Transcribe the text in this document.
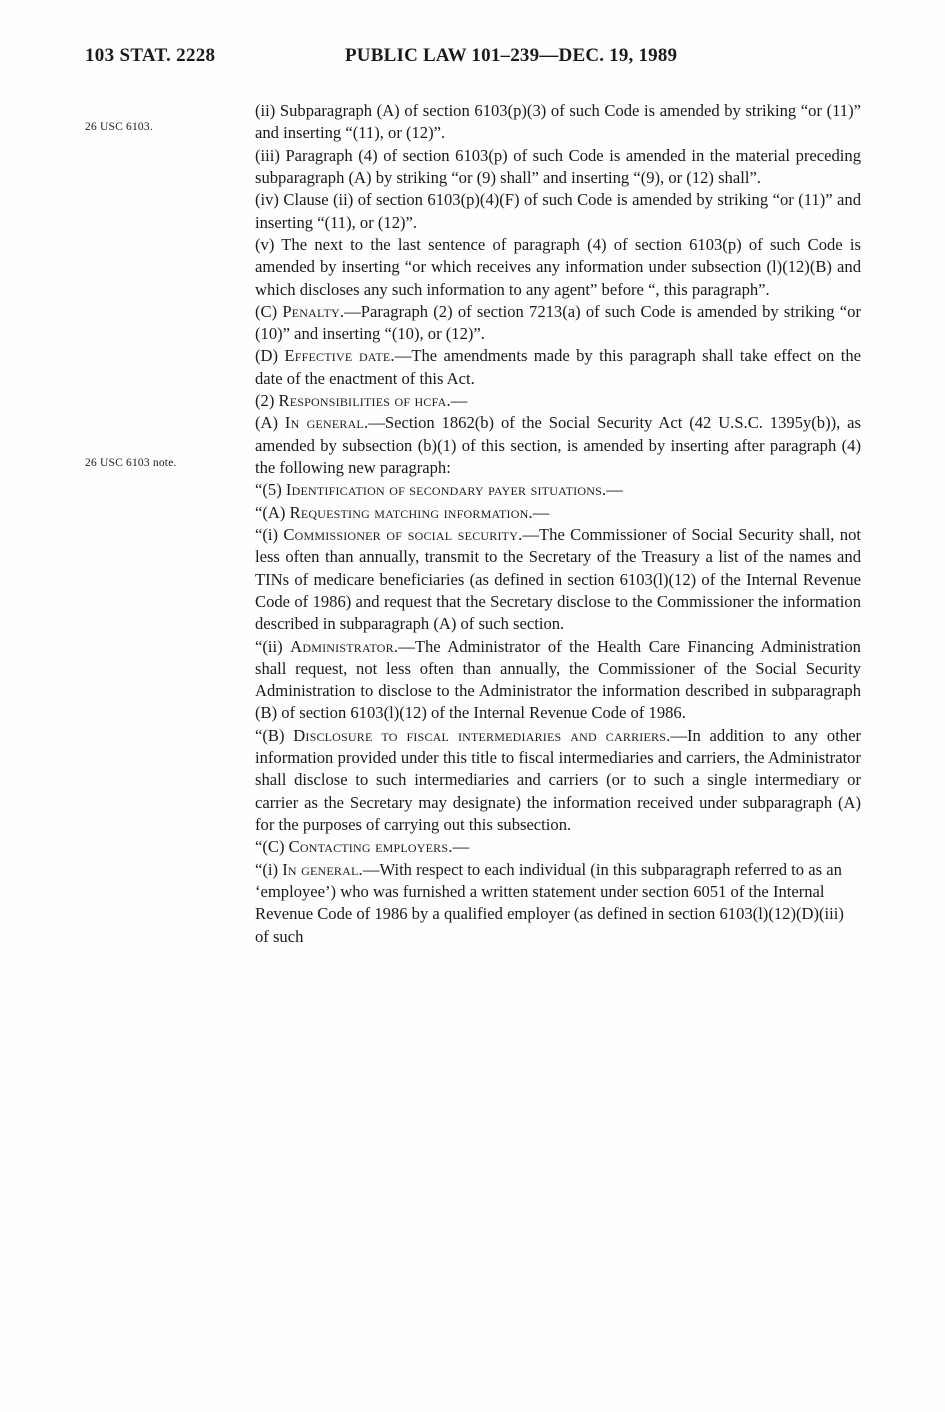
103 STAT. 2228	PUBLIC LAW 101–239—DEC. 19, 1989
26 USC 6103.
26 USC 6103 note.

(ii) Subparagraph (A) of section 6103(p)(3) of such Code is amended by striking “or (11)” and inserting “(11), or (12)”.

(iii) Paragraph (4) of section 6103(p) of such Code is amended in the material preceding subparagraph (A) by striking “or (9) shall” and inserting “(9), or (12) shall”.

(iv) Clause (ii) of section 6103(p)(4)(F) of such Code is amended by striking “or (11)” and inserting “(11), or (12)”.

(v) The next to the last sentence of paragraph (4) of section 6103(p) of such Code is amended by inserting “or which receives any information under subsection (l)(12)(B) and which discloses any such information to any agent” before “, this paragraph”.

(C) Penalty.—Paragraph (2) of section 7213(a) of such Code is amended by striking “or (10)” and inserting “(10), or (12)”.

(D) Effective date.—The amendments made by this paragraph shall take effect on the date of the enactment of this Act.

(2) Responsibilities of hcfa.—

(A) In general.—Section 1862(b) of the Social Security Act (42 U.S.C. 1395y(b)), as amended by subsection (b)(1) of this section, is amended by inserting after paragraph (4) the following new paragraph:

“(5) Identification of secondary payer situations.—

“(A) Requesting matching information.—

“(i) Commissioner of social security.—The Commissioner of Social Security shall, not less often than annually, transmit to the Secretary of the Treasury a list of the names and TINs of medicare beneficiaries (as defined in section 6103(l)(12) of the Internal Revenue Code of 1986) and request that the Secretary disclose to the Commissioner the information described in subparagraph (A) of such section.

“(ii) Administrator.—The Administrator of the Health Care Financing Administration shall request, not less often than annually, the Commissioner of the Social Security Administration to disclose to the Administrator the information described in subparagraph (B) of section 6103(l)(12) of the Internal Revenue Code of 1986.

“(B) Disclosure to fiscal intermediaries and carriers.—In addition to any other information provided under this title to fiscal intermediaries and carriers, the Administrator shall disclose to such intermediaries and carriers (or to such a single intermediary or carrier as the Secretary may designate) the information received under subparagraph (A) for the purposes of carrying out this subsection.

“(C) Contacting employers.—

“(i) In general.—With respect to each individual (in this subparagraph referred to as an ‘employee’) who was furnished a written statement under section 6051 of the Internal Revenue Code of 1986 by a qualified employer (as defined in section 6103(l)(12)(D)(iii) of such
